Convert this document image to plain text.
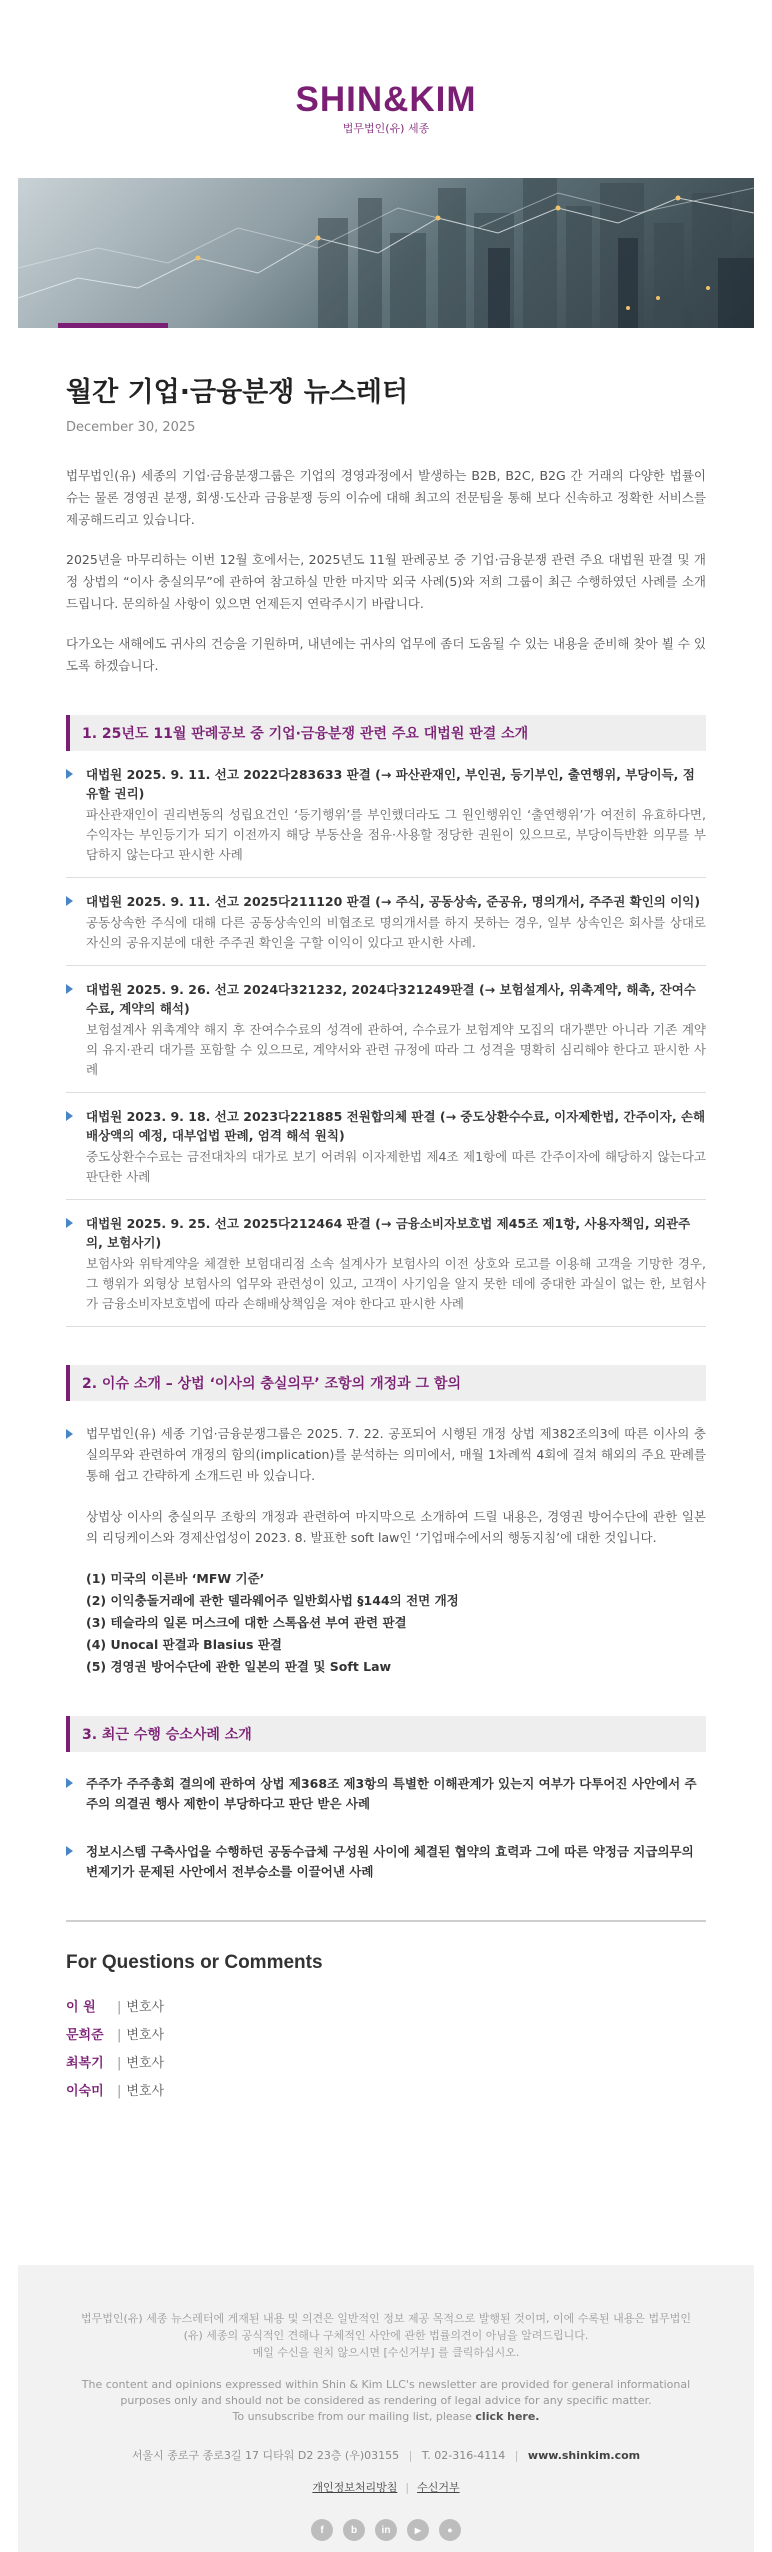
SHIN&KIM
법무법인(유) 세종
월간 기업·금융분쟁 뉴스레터
December 30, 2025

법무법인(유) 세종의 기업·금융분쟁그룹은 기업의 경영과정에서 발생하는 B2B, B2C, B2G 간 거래의 다양한 법률이슈는 물론 경영권 분쟁, 회생·도산과 금융분쟁 등의 이슈에 대해 최고의 전문팀을 통해 보다 신속하고 정확한 서비스를 제공해드리고 있습니다.

2025년을 마무리하는 이번 12월 호에서는, 2025년도 11월 판례공보 중 기업·금융분쟁 관련 주요 대법원 판결 및 개정 상법의 “이사 충실의무”에 관하여 참고하실 만한 마지막 외국 사례(5)와 저희 그룹이 최근 수행하였던 사례를 소개드립니다. 문의하실 사항이 있으면 언제든지 연락주시기 바랍니다.

다가오는 새해에도 귀사의 건승을 기원하며, 내년에는 귀사의 업무에 좀더 도움될 수 있는 내용을 준비해 찾아 뵐 수 있도록 하겠습니다.

1. 25년도 11월 판례공보 중 기업·금융분쟁 관련 주요 대법원 판결 소개
대법원 2025. 9. 11. 선고 2022다283633 판결 (→ 파산관재인, 부인권, 등기부인, 출연행위, 부당이득, 점유할 권리)
파산관재인이 권리변동의 성립요건인 ‘등기행위’를 부인했더라도 그 원인행위인 ‘출연행위’가 여전히 유효하다면, 수익자는 부인등기가 되기 이전까지 해당 부동산을 점유·사용할 정당한 권원이 있으므로, 부당이득반환 의무를 부담하지 않는다고 판시한 사례
대법원 2025. 9. 11. 선고 2025다211120 판결 (→ 주식, 공동상속, 준공유, 명의개서, 주주권 확인의 이익)
공동상속한 주식에 대해 다른 공동상속인의 비협조로 명의개서를 하지 못하는 경우, 일부 상속인은 회사를 상대로 자신의 공유지분에 대한 주주권 확인을 구할 이익이 있다고 판시한 사례.
대법원 2025. 9. 26. 선고 2024다321232, 2024다321249판결 (→ 보험설계사, 위촉계약, 해촉, 잔여수수료, 계약의 해석)
보험설계사 위촉계약 해지 후 잔여수수료의 성격에 관하여, 수수료가 보험계약 모집의 대가뿐만 아니라 기존 계약의 유지·관리 대가를 포함할 수 있으므로, 계약서와 관련 규정에 따라 그 성격을 명확히 심리해야 한다고 판시한 사례
대법원 2023. 9. 18. 선고 2023다221885 전원합의체 판결 (→ 중도상환수수료, 이자제한법, 간주이자, 손해배상액의 예정, 대부업법 판례, 엄격 해석 원칙)
중도상환수수료는 금전대차의 대가로 보기 어려워 이자제한법 제4조 제1항에 따른 간주이자에 해당하지 않는다고 판단한 사례
대법원 2025. 9. 25. 선고 2025다212464 판결 (→ 금융소비자보호법 제45조 제1항, 사용자책임, 외관주의, 보험사기)
보험사와 위탁계약을 체결한 보험대리점 소속 설계사가 보험사의 이전 상호와 로고를 이용해 고객을 기망한 경우, 그 행위가 외형상 보험사의 업무와 관련성이 있고, 고객이 사기임을 알지 못한 데에 중대한 과실이 없는 한, 보험사가 금융소비자보호법에 따라 손해배상책임을 져야 한다고 판시한 사례
2. 이슈 소개 – 상법 ‘이사의 충실의무’ 조항의 개정과 그 함의

법무법인(유) 세종 기업·금융분쟁그룹은 2025. 7. 22. 공포되어 시행된 개정 상법 제382조의3에 따른 이사의 충실의무와 관련하여 개정의 함의(implication)를 분석하는 의미에서, 매월 1차례씩 4회에 걸쳐 해외의 주요 판례를 통해 쉽고 간략하게 소개드린 바 있습니다.

상법상 이사의 충실의무 조항의 개정과 관련하여 마지막으로 소개하여 드릴 내용은, 경영권 방어수단에 관한 일본의 리딩케이스와 경제산업성이 2023. 8. 발표한 soft law인 ‘기업매수에서의 행동지침’에 대한 것입니다.

(1) 미국의 이른바 ‘MFW 기준’
(2) 이익충돌거래에 관한 델라웨어주 일반회사법 §144의 전면 개정
(3) 테슬라의 일론 머스크에 대한 스톡옵션 부여 관련 판결
(4) Unocal 판결과 Blasius 판결
(5) 경영권 방어수단에 관한 일본의 판결 및 Soft Law
3. 최근 수행 승소사례 소개
주주가 주주총회 결의에 관하여 상법 제368조 제3항의 특별한 이해관계가 있는지 여부가 다투어진 사안에서 주주의 의결권 행사 제한이 부당하다고 판단 받은 사례
정보시스템 구축사업을 수행하던 공동수급체 구성원 사이에 체결된 협약의 효력과 그에 따른 약정금 지급의무의 변제기가 문제된 사안에서 전부승소를 이끌어낸 사례
For Questions or Comments
이 원 | 변호사
문희준 | 변호사
최복기 | 변호사
이숙미 | 변호사
법무법인(유) 세종 뉴스레터에 게재된 내용 및 의견은 일반적인 정보 제공 목적으로 발행된 것이며, 이에 수록된 내용은 법무법인(유) 세종의 공식적인 견해나 구체적인 사안에 관한 법률의견이 아님을 알려드립니다.
메일 수신을 원치 않으시면 [수신거부] 를 클릭하십시오.
The content and opinions expressed within Shin & Kim LLC's newsletter are provided for general informational purposes only and should not be considered as rendering of legal advice for any specific matter.
To unsubscribe from our mailing list, please click here.
서울시 종로구 종로3길 17 디타워 D2 23층 (우)03155 | T. 02-316-4114 | www.shinkim.com
개인정보처리방침 | 수신거부
f	b	in	▶	●
